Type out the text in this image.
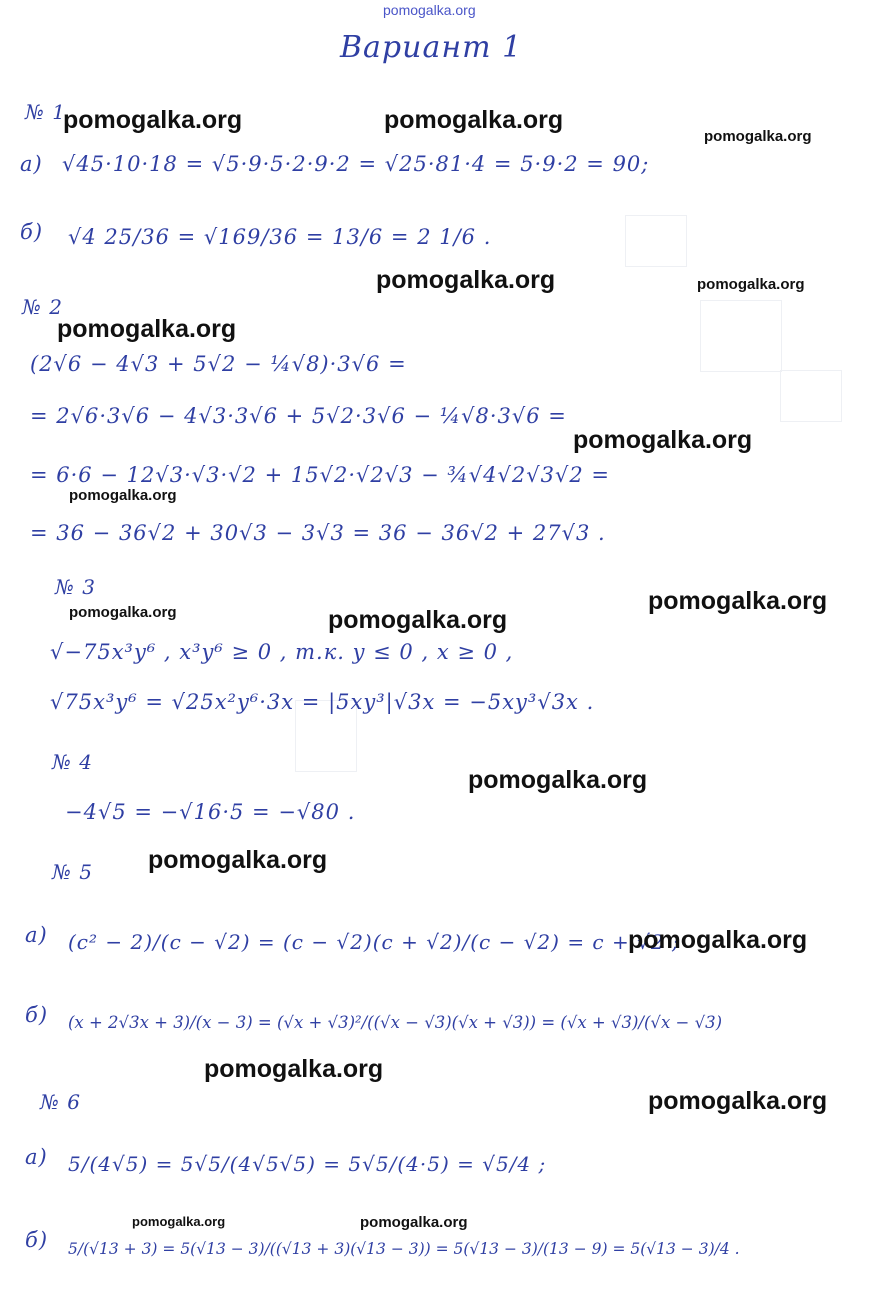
pomogalka.org
Вариант 1
№ 1
а) √45·10·18 = √5·9·5·2·9·2 = √25·81·4 = 5·9·2 = 90;
б) √4 25/36 = √169/36 = 13/6 = 2 1/6 .
№ 2
(2√6 − 4√3 + 5√2 − ¼√8)·3√6 =
= 2√6·3√6 − 4√3·3√6 + 5√2·3√6 − ¼√8·3√6 =
= 6·6 − 12√3·√3·√2 + 15√2·√2√3 − ¾√4√2√3√2 =
= 36 − 36√2 + 30√3 − 3√3 = 36 − 36√2 + 27√3 .
№ 3
√−75x³y⁶ , x³y⁶ ≥ 0 , т.к. y ≤ 0 , x ≥ 0 ,
√75x³y⁶ = √25x²y⁶·3x = |5xy³|√3x = −5xy³√3x .
№ 4
−4√5 = −√16·5 = −√80 .
№ 5
а) (c² − 2)/(c − √2) = (c − √2)(c + √2)/(c − √2) = c + √2 ;
б) (x + 2√3x + 3)/(x − 3) = (√x + √3)²/((√x − √3)(√x + √3)) = (√x + √3)/(√x − √3)
№ 6
а) 5/(4√5) = 5√5/(4√5√5) = 5√5/(4·5) = √5/4 ;
б) 5/(√13 + 3) = 5(√13 − 3)/((√13 + 3)(√13 − 3)) = 5(√13 − 3)/(13 − 9) = 5(√13 − 3)/4 .
pomogalka.org	pomogalka.org
pomogalka.org
pomogalka.org	pomogalka.org
pomogalka.org
pomogalka.org
pomogalka.org
pomogalka.org
pomogalka.org	pomogalka.org
pomogalka.org
pomogalka.org
pomogalka.org
pomogalka.org
pomogalka.org
pomogalka.org	pomogalka.org
